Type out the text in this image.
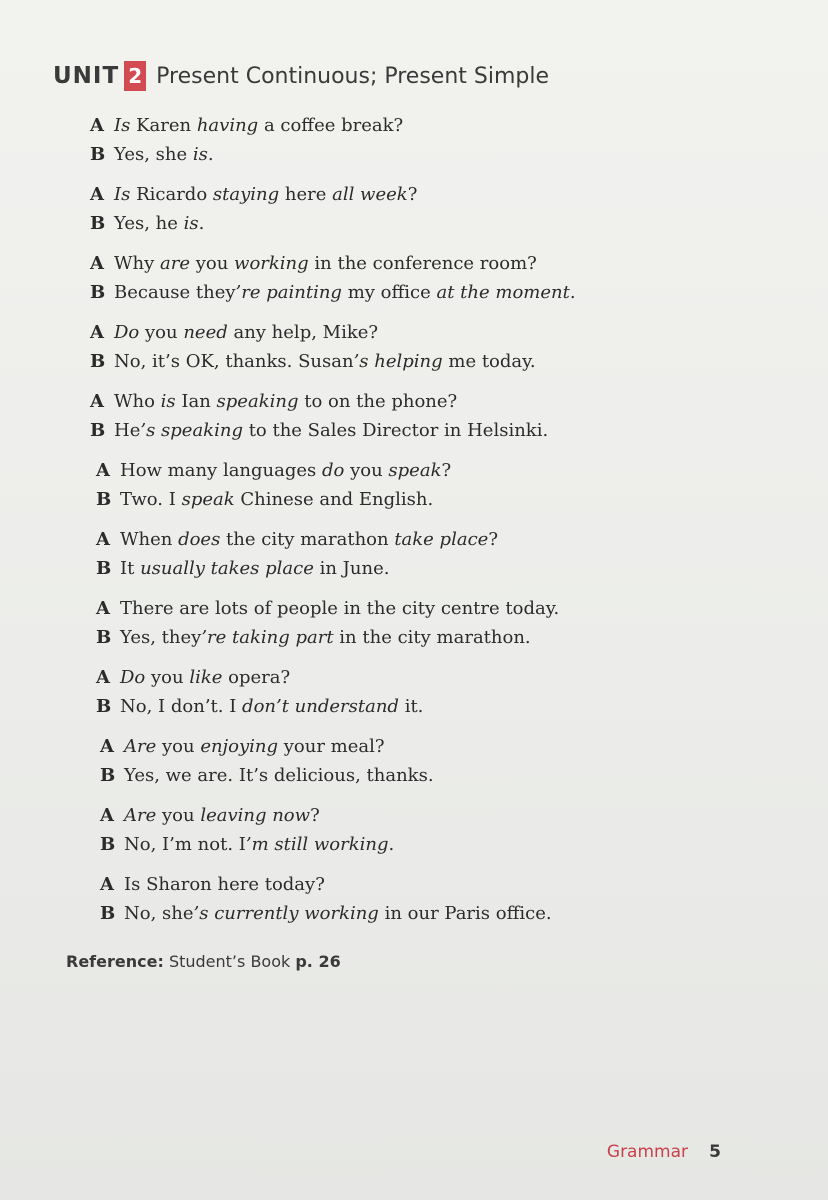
UNIT 2 Present Continuous; Present Simple
A Is Karen having a coffee break?
B Yes, she is.
A Is Ricardo staying here all week?
B Yes, he is.
A Why are you working in the conference room?
B Because they’re painting my office at the moment.
A Do you need any help, Mike?
B No, it’s OK, thanks. Susan’s helping me today.
A Who is Ian speaking to on the phone?
B He’s speaking to the Sales Director in Helsinki.
A How many languages do you speak?
B Two. I speak Chinese and English.
A When does the city marathon take place?
B It usually takes place in June.
A There are lots of people in the city centre today.
B Yes, they’re taking part in the city marathon.
A Do you like opera?
B No, I don’t. I don’t understand it.
A Are you enjoying your meal?
B Yes, we are. It’s delicious, thanks.
A Are you leaving now?
B No, I’m not. I’m still working.
A Is Sharon here today?
B No, she’s currently working in our Paris office.
Reference: Student’s Book p. 26
Grammar	5
